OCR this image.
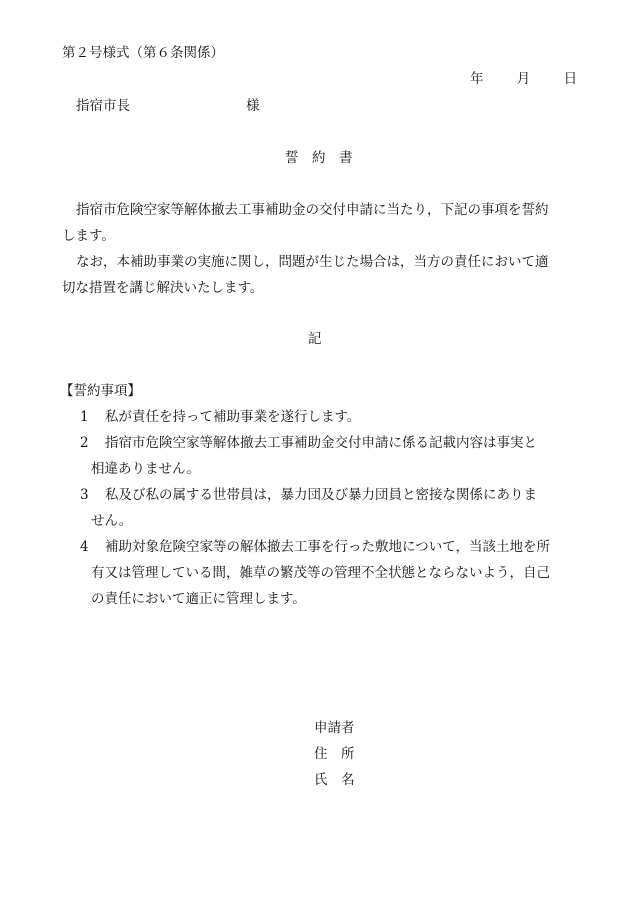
第２号様式（第６条関係）
年 月 日
指宿市長	様
誓　約　書
指宿市危険空家等解体撤去工事補助金の交付申請に当たり，下記の事項を誓約
します。
なお，本補助事業の実施に関し，問題が生じた場合は，当方の責任において適
切な措置を講じ解決いたします。
記
【誓約事項】
1 私が責任を持って補助事業を遂行します。
2 指宿市危険空家等解体撤去工事補助金交付申請に係る記載内容は事実と
相違ありません。
3 私及び私の属する世帯員は，暴力団及び暴力団員と密接な関係にありま
せん。
4 補助対象危険空家等の解体撤去工事を行った敷地について，当該土地を所
有又は管理している間，雑草の繁茂等の管理不全状態とならないよう，自己
の責任において適正に管理します。
申請者
住　所
氏　名
